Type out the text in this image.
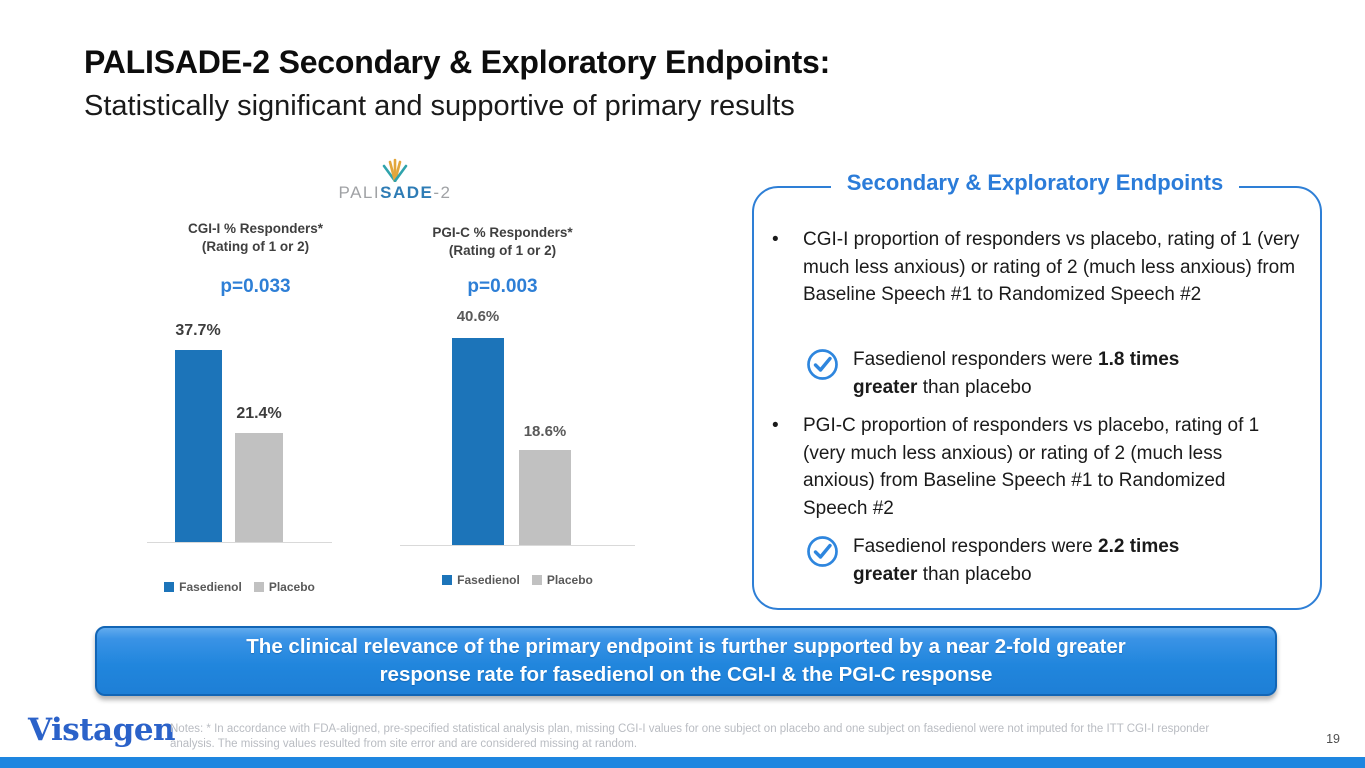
PALISADE-2 Secondary & Exploratory Endpoints:
Statistically significant and supportive of primary results
PALISADE-2
CGI-I % Responders*
(Rating of 1 or 2)
p=0.033
37.7%
21.4%
Fasedienol Placebo
PGI-C % Responders*
(Rating of 1 or 2)
p=0.003
40.6%
18.6%
Fasedienol Placebo
Secondary & Exploratory Endpoints
• CGI-I proportion of responders vs placebo, rating of 1 (very much less anxious) or rating of 2 (much less anxious) from Baseline Speech #1 to Randomized Speech #2
Fasedienol responders were 1.8 times greater than placebo
• PGI-C proportion of responders vs placebo, rating of 1 (very much less anxious) or rating of 2 (much less anxious) from Baseline Speech #1 to Randomized Speech #2
Fasedienol responders were 2.2 times greater than placebo
The clinical relevance of the primary endpoint is further supported by a near 2-fold greater
response rate for fasedienol on the CGI-I & the PGI-C response
Vistagen
Notes: * In accordance with FDA-aligned, pre-specified statistical analysis plan, missing CGI-I values for one subject on placebo and one subject on fasedienol were not imputed for the ITT CGI-I responder
analysis. The missing values resulted from site error and are considered missing at random.	19
